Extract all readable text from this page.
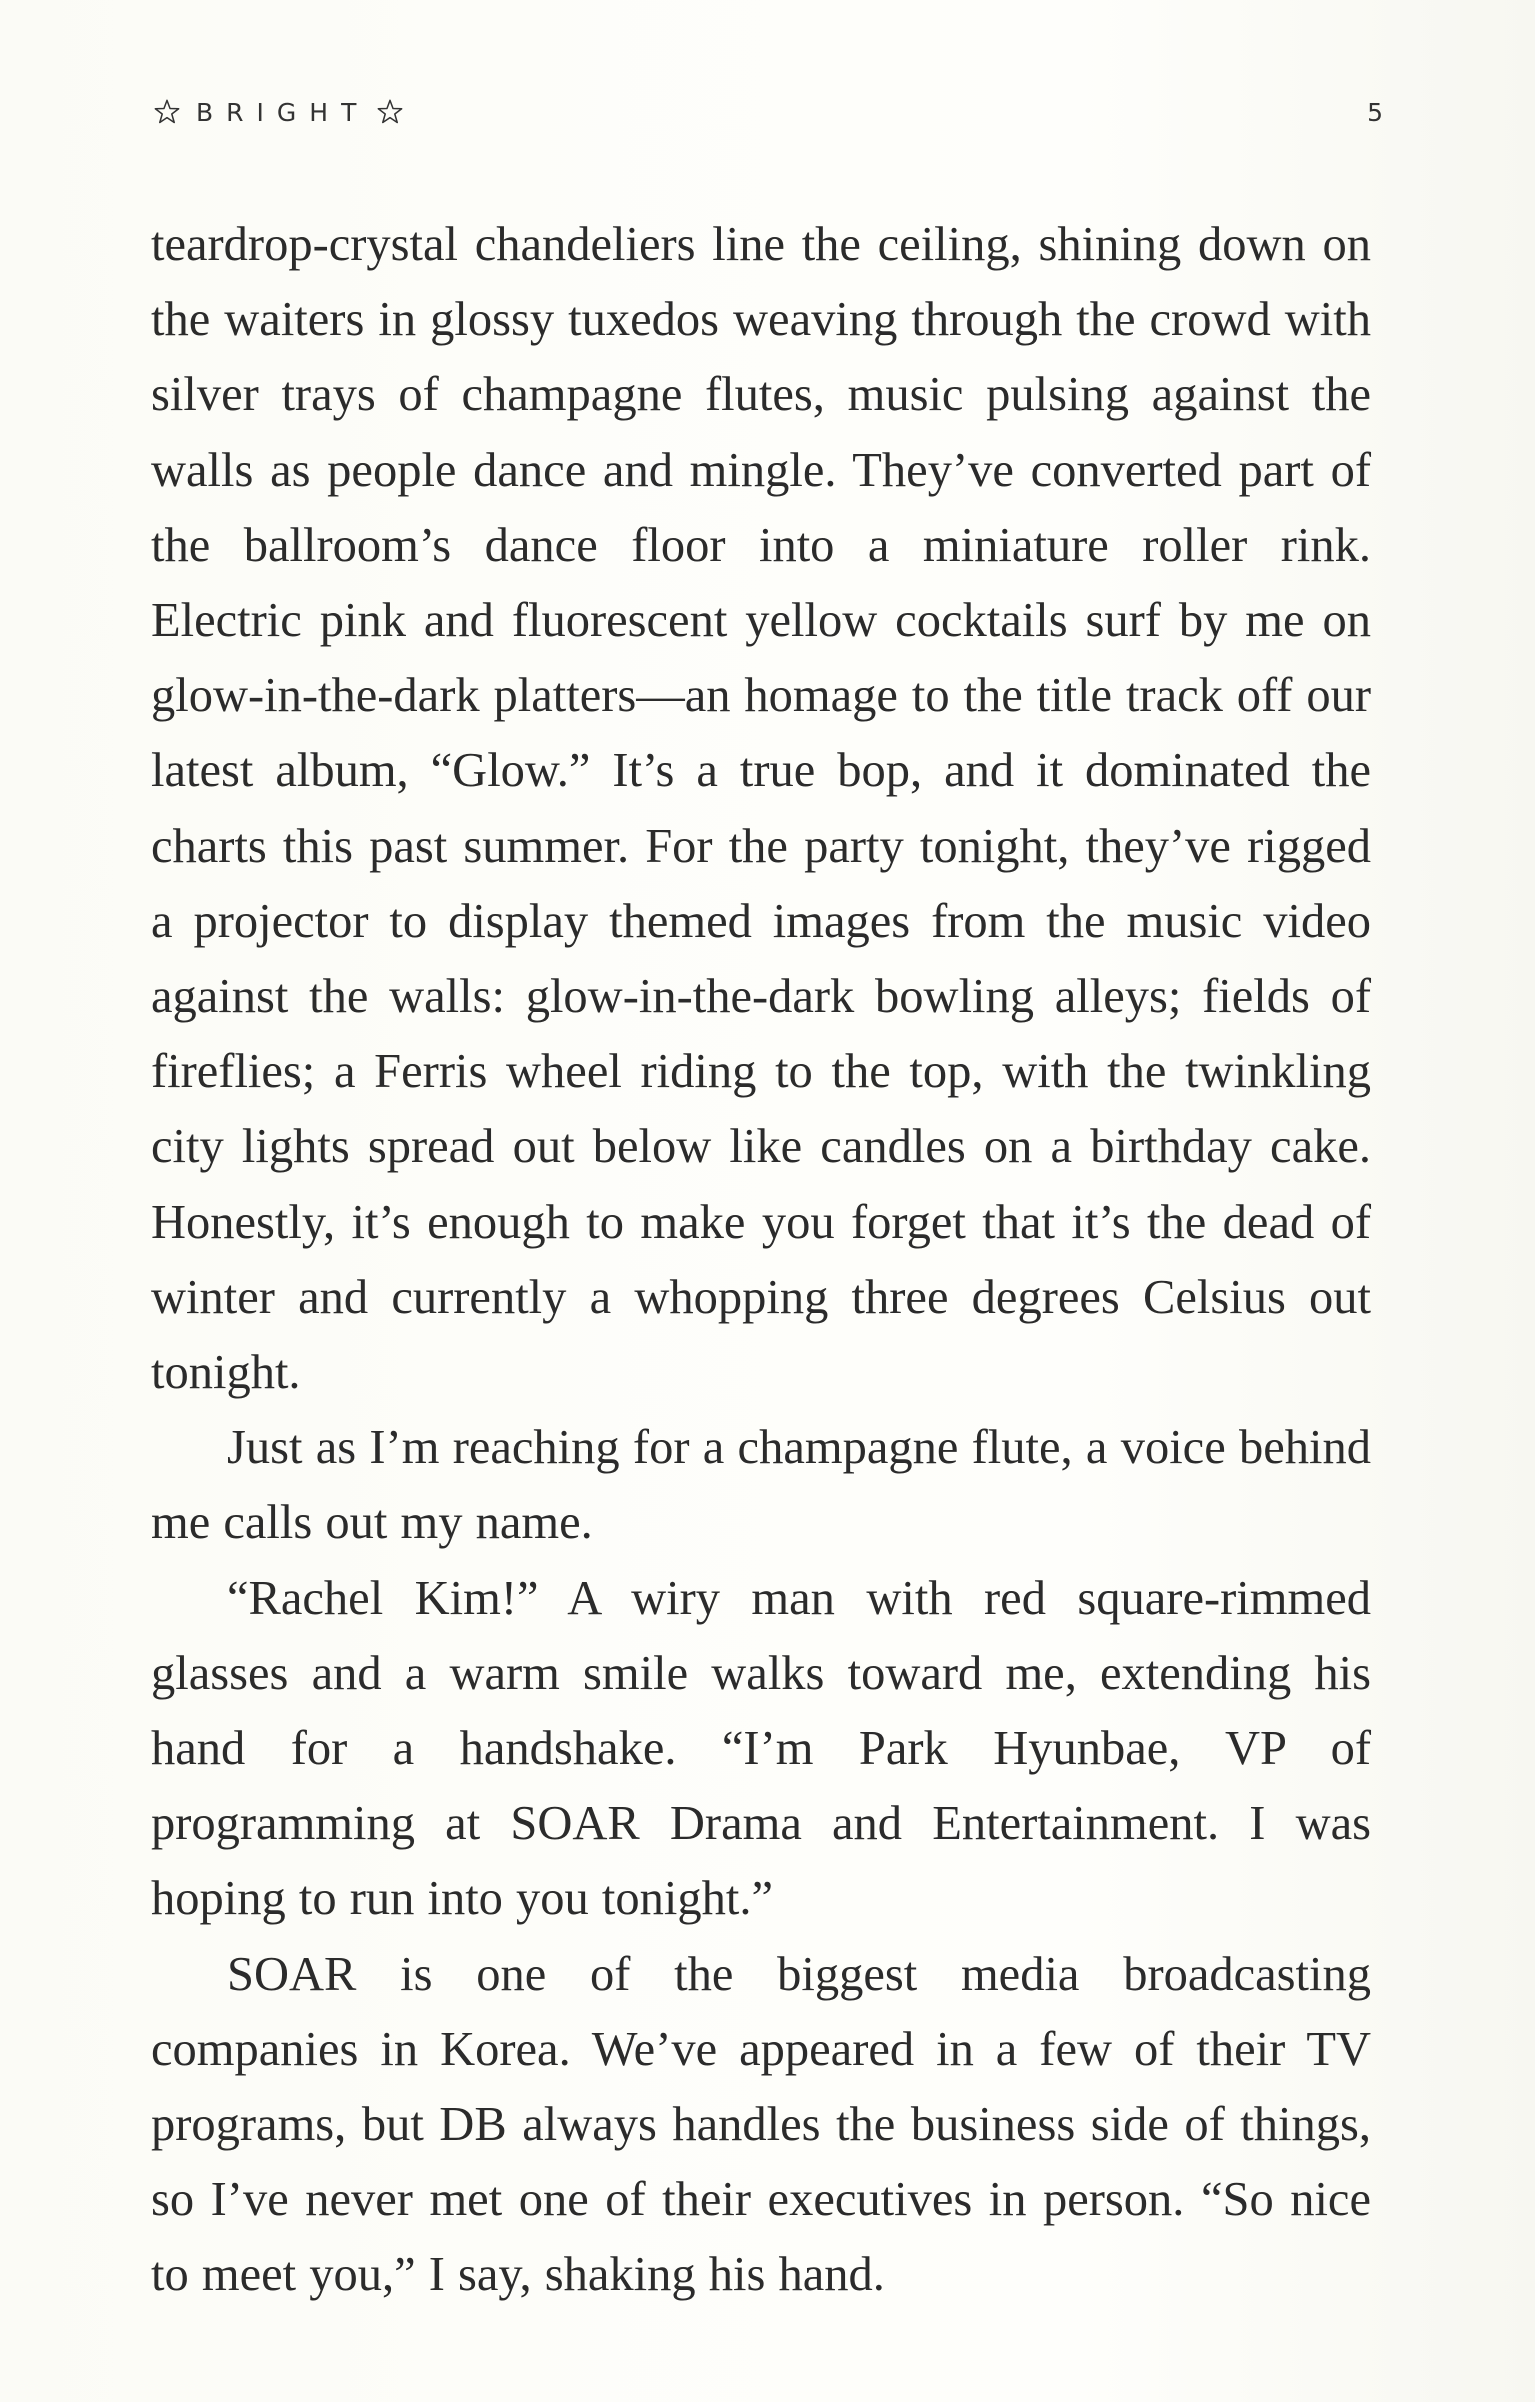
BRIGHT	5

teardrop-crystal chandeliers line the ceiling, shining down on the waiters in glossy tuxedos weaving through the crowd with silver trays of champagne flutes, music pulsing against the walls as people dance and mingle. They’ve converted part of the ballroom’s dance floor into a miniature roller rink. Electric pink and fluorescent yellow cocktails surf by me on glow-in-the-dark platters—an homage to the title track off our latest album, “Glow.” It’s a true bop, and it dominated the charts this past summer. For the party tonight, they’ve rigged a projector to display themed images from the music video against the walls: glow-in-the-dark bowling alleys; fields of fireflies; a Ferris wheel riding to the top, with the twinkling city lights spread out below like candles on a birthday cake. Honestly, it’s enough to make you forget that it’s the dead of winter and currently a whopping three degrees Celsius out tonight.

Just as I’m reaching for a champagne flute, a voice behind me calls out my name.

“Rachel Kim!” A wiry man with red square-rimmed glasses and a warm smile walks toward me, extending his hand for a handshake. “I’m Park Hyunbae, VP of programming at SOAR Drama and Entertainment. I was hoping to run into you tonight.”

SOAR is one of the biggest media broadcasting companies in Korea. We’ve appeared in a few of their TV programs, but DB always handles the business side of things, so I’ve never met one of their executives in person. “So nice to meet you,” I say, shaking his hand.
